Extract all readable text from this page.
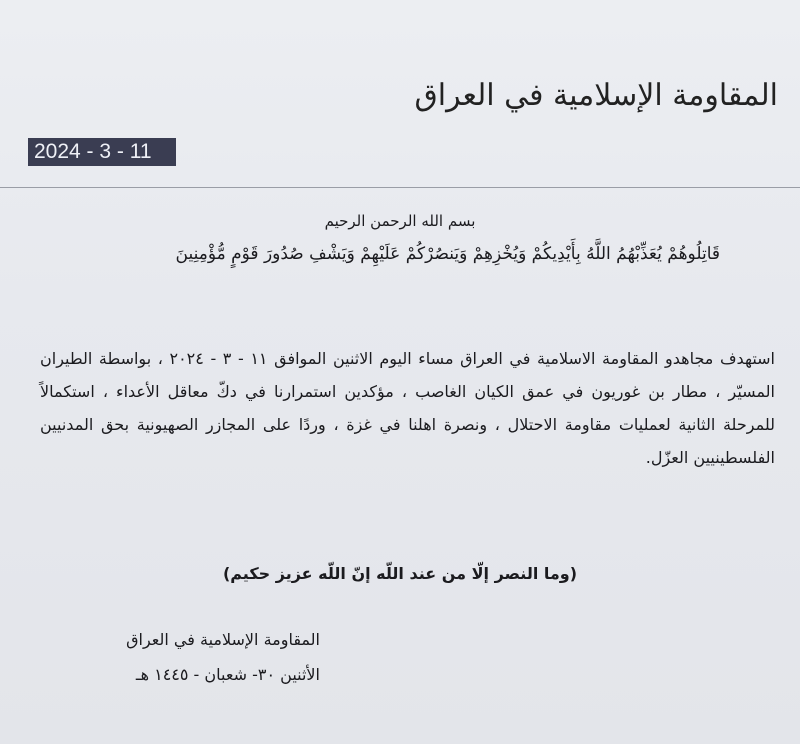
المقاومة الإسلامية في العراق
2024 - 3 - 11
بسم الله الرحمن الرحيم
قَاتِلُوهُمْ يُعَذِّبْهُمُ اللَّهُ بِأَيْدِيكُمْ وَيُخْزِهِمْ وَيَنصُرْكُمْ عَلَيْهِمْ وَيَشْفِ صُدُورَ قَوْمٍ مُّؤْمِنِينَ

استهدف مجاهدو المقاومة الاسلامية في العراق مساء اليوم الاثنين الموافق ١١ - ٣ - ٢٠٢٤ ، بواسطة الطيران المسيّر ، مطار بن غوريون في عمق الكيان الغاصب ، مؤكدين استمرارنا في دكّ معاقل الأعداء ، استكمالاً للمرحلة الثانية لعمليات مقاومة الاحتلال ، ونصرة اهلنا في غزة ، وردًا على المجازر الصهيونية بحق المدنيين الفلسطينيين العزّل.

(وما النصر إلّا من عند اللّه إنّ اللّه عزيز حكيم)
المقاومة الإسلامية في العراق
الأثنين ٣٠- شعبان - ١٤٤٥ هـ
